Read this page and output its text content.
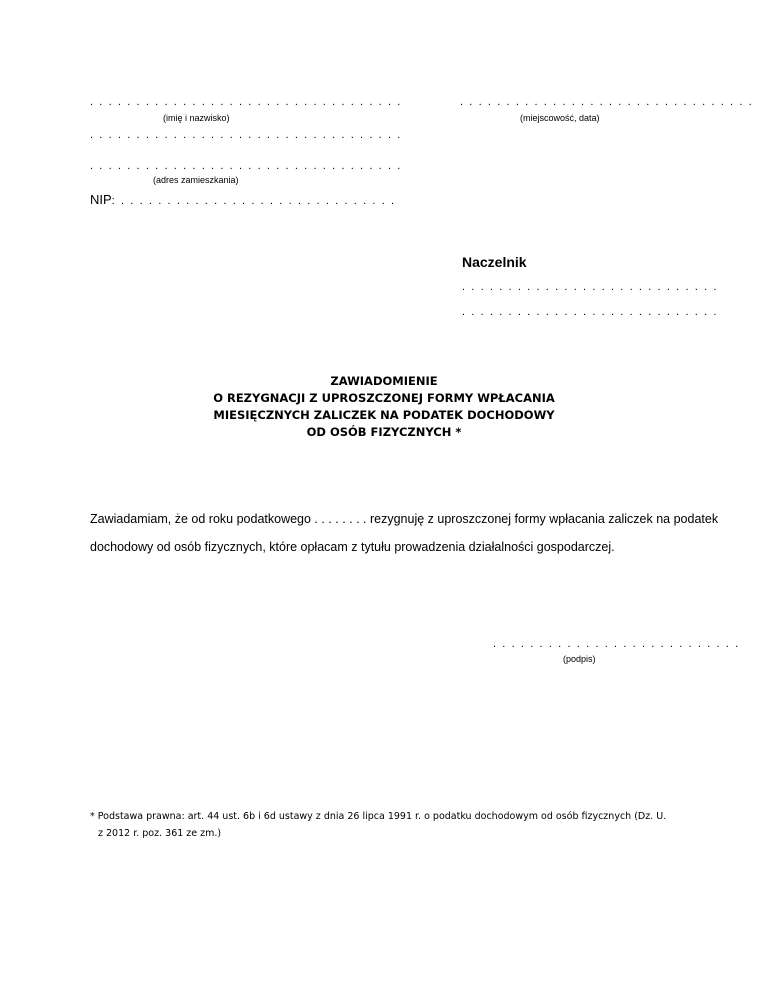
. . . . . . . . . . . . . . . . . . . . . . . . . . . . . . . . . .
(imię i nazwisko)
. . . . . . . . . . . . . . . . . . . . . . . . . . . . . . . . . .
. . . . . . . . . . . . . . . . . . . . . . . . . . . . . . . . . .
(adres zamieszkania)
NIP: . . . . . . . . . . . . . . . . . . . . . . . . . . . . . .
. . . . . . . . . . . . . . . . . . . . . . . . . . . . . . . .
(miejscowość, data)
Naczelnik
. . . . . . . . . . . . . . . . . . . . . . . . . . . .
. . . . . . . . . . . . . . . . . . . . . . . . . . . .
ZAWIADOMIENIE
O REZYGNACJI Z UPROSZCZONEJ FORMY WPŁACANIA
MIESIĘCZNYCH ZALICZEK NA PODATEK DOCHODOWY
OD OSÓB FIZYCZNYCH *
Zawiadamiam, że od roku podatkowego . . . . . . . . rezygnuję z uproszczonej formy wpłacania zaliczek na podatek
dochodowy od osób fizycznych, które opłacam z tytułu prowadzenia działalności gospodarczej.
. . . . . . . . . . . . . . . . . . . . . . . . . . .
(podpis)
* Podstawa prawna: art. 44 ust. 6b i 6d ustawy z dnia 26 lipca 1991 r. o podatku dochodowym od osób fizycznych (Dz. U.
z 2012 r. poz. 361 ze zm.)
